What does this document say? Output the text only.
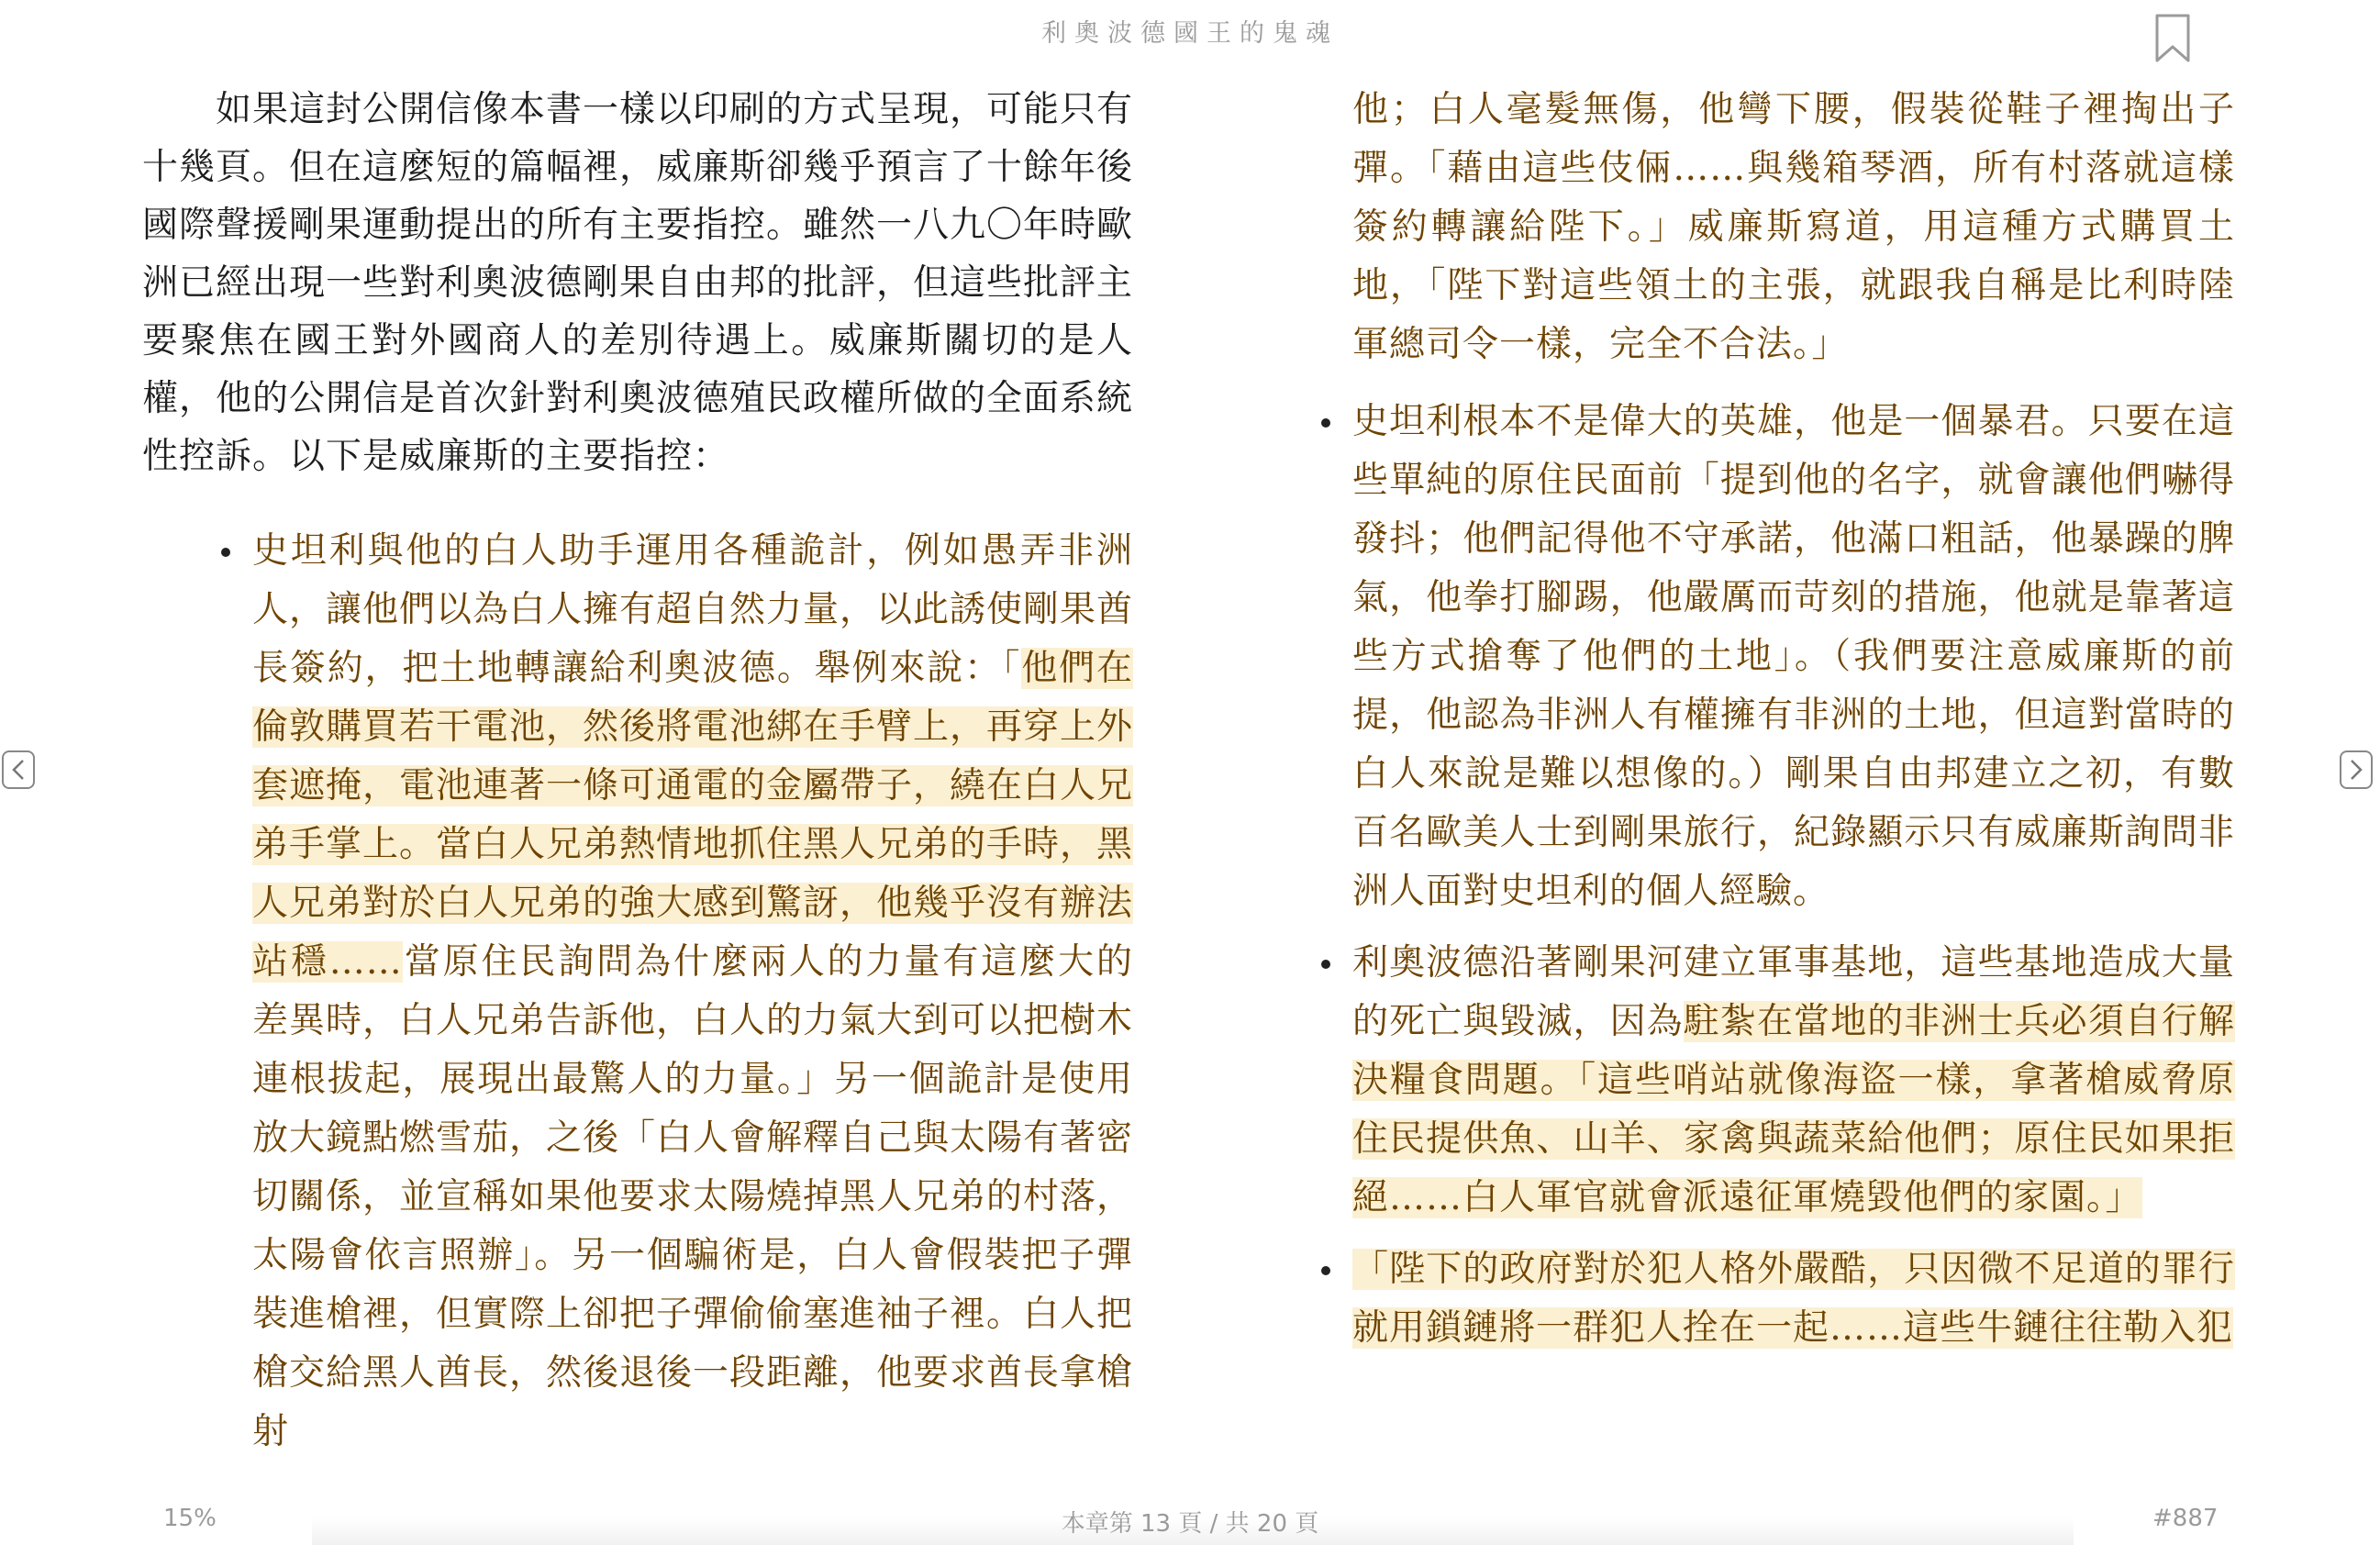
利奧波德國王的鬼魂

如果這封公開信像本書一樣以印刷的方式呈現，可能只有十幾頁。但在這麼短的篇幅裡，威廉斯卻幾乎預言了十餘年後國際聲援剛果運動提出的所有主要指控。雖然一八九〇年時歐洲已經出現一些對利奧波德剛果自由邦的批評，但這些批評主要聚焦在國王對外國商人的差別待遇上。威廉斯關切的是人權，他的公開信是首次針對利奧波德殖民政權所做的全面系統性控訴。以下是威廉斯的主要指控：

史坦利與他的白人助手運用各種詭計，例如愚弄非洲人，讓他們以為白人擁有超自然力量，以此誘使剛果酋長簽約，把土地轉讓給利奧波德。舉例來說：「他們在倫敦購買若干電池，然後將電池綁在手臂上，再穿上外套遮掩，電池連著一條可通電的金屬帶子，繞在白人兄弟手掌上。當白人兄弟熱情地抓住黑人兄弟的手時，黑人兄弟對於白人兄弟的強大感到驚訝，他幾乎沒有辦法站穩……當原住民詢問為什麼兩人的力量有這麼大的差異時，白人兄弟告訴他，白人的力氣大到可以把樹木連根拔起，展現出最驚人的力量。」另一個詭計是使用放大鏡點燃雪茄，之後「白人會解釋自己與太陽有著密切關係，並宣稱如果他要求太陽燒掉黑人兄弟的村落，太陽會依言照辦」。另一個騙術是，白人會假裝把子彈裝進槍裡，但實際上卻把子彈偷偷塞進袖子裡。白人把槍交給黑人酋長，然後退後一段距離，他要求酋長拿槍射
他；白人毫髮無傷，他彎下腰，假裝從鞋子裡掏出子彈。「藉由這些伎倆……與幾箱琴酒，所有村落就這樣簽約轉讓給陛下。」威廉斯寫道，用這種方式購買土地，「陛下對這些領土的主張，就跟我自稱是比利時陸軍總司令一樣，完全不合法。」
史坦利根本不是偉大的英雄，他是一個暴君。只要在這些單純的原住民面前「提到他的名字，就會讓他們嚇得發抖；他們記得他不守承諾，他滿口粗話，他暴躁的脾氣，他拳打腳踢，他嚴厲而苛刻的措施，他就是靠著這些方式搶奪了他們的土地」。（我們要注意威廉斯的前提，他認為非洲人有權擁有非洲的土地，但這對當時的白人來說是難以想像的。）剛果自由邦建立之初，有數百名歐美人士到剛果旅行，紀錄顯示只有威廉斯詢問非洲人面對史坦利的個人經驗。
利奧波德沿著剛果河建立軍事基地，這些基地造成大量的死亡與毀滅，因為駐紮在當地的非洲士兵必須自行解決糧食問題。「這些哨站就像海盜一樣，拿著槍威脅原住民提供魚、山羊、家禽與蔬菜給他們；原住民如果拒絕……白人軍官就會派遠征軍燒毀他們的家園。」
「陛下的政府對於犯人格外嚴酷，只因微不足道的罪行就用鎖鏈將一群犯人拴在一起……這些牛鏈往往勒入犯
15%	本章第 13 頁 / 共 20 頁	#887
